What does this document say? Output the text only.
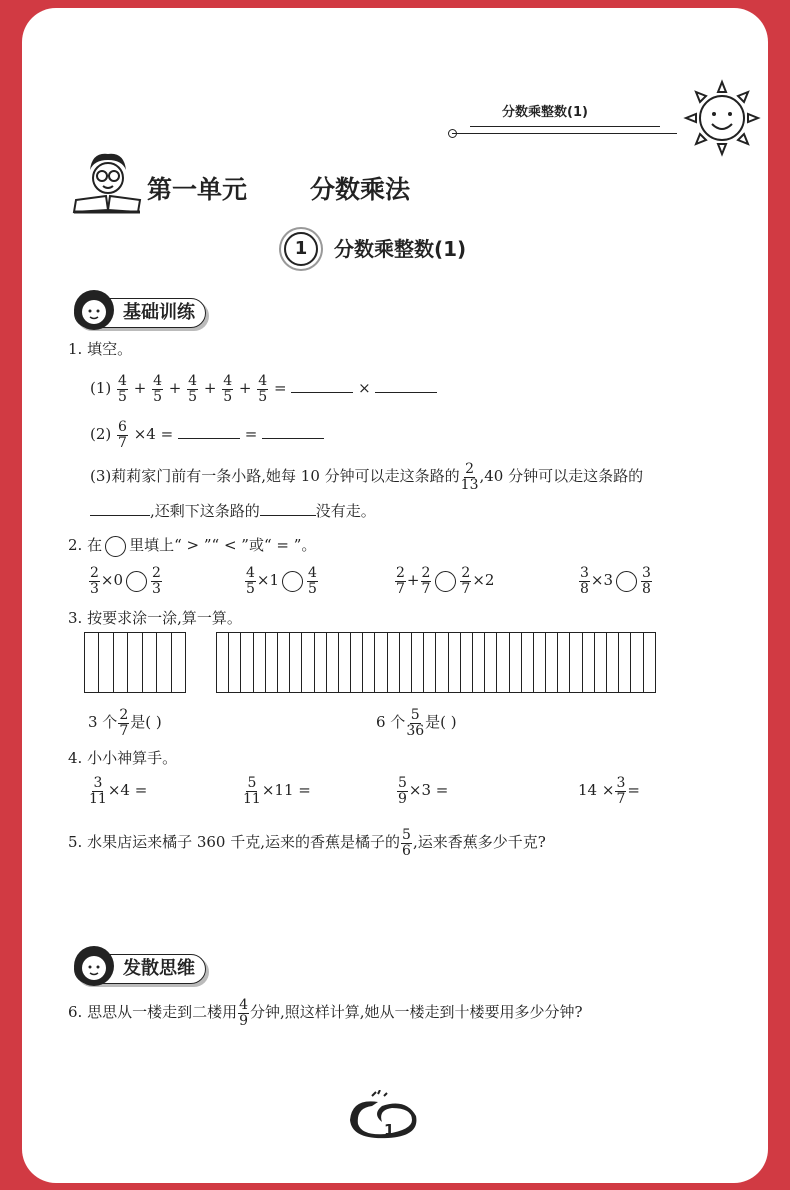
分数乘整数(1)
第一单元	分数乘法
1	分数乘整数(1)
基础训练
1. 填空。
$(1) \frac{4}{5} + \frac{4}{5} + \frac{4}{5} + \frac{4}{5} + \frac{4}{5}$ =	×
$(2) \frac{6}{7} \times 4$ =	=
(3)莉莉家门前有一条小路,她每 10 分钟可以走这条路的 $\frac{2}{13} ,40$ 分钟可以走这条路的
,还剩下这条路的	没有走。
2. 在 里填上“ > ”“ < ”或“ = ”。
$\frac{2}{3} \times 0 \frac{2}{3}$	$\frac{4}{5} \times 1 \frac{4}{5}$	$\frac{2}{7} + \frac{2}{7} \frac{2}{7} \times 2$	$\frac{3}{8} \times 3 \frac{3}{8}$
3. 按要求涂一涂,算一算。
3 个 $\frac{2}{7}$ 是( )	6 个 $\frac{5}{36}$ 是( )
4. 小小神算手。
$\frac{3}{11} \times 4$ =	$\frac{5}{11} \times 11$ =	$\frac{5}{9} \times 3$ =	$14 \times \frac{3}{7}$ =
5. 水果店运来橘子 360 千克,运来的香蕉是橘子的 $\frac{5}{6}$ ,运来香蕉多少千克?
发散思维
6. 思思从一楼走到二楼用 $\frac{4}{9}$ 分钟,照这样计算,她从一楼走到十楼要用多少分钟?
1
